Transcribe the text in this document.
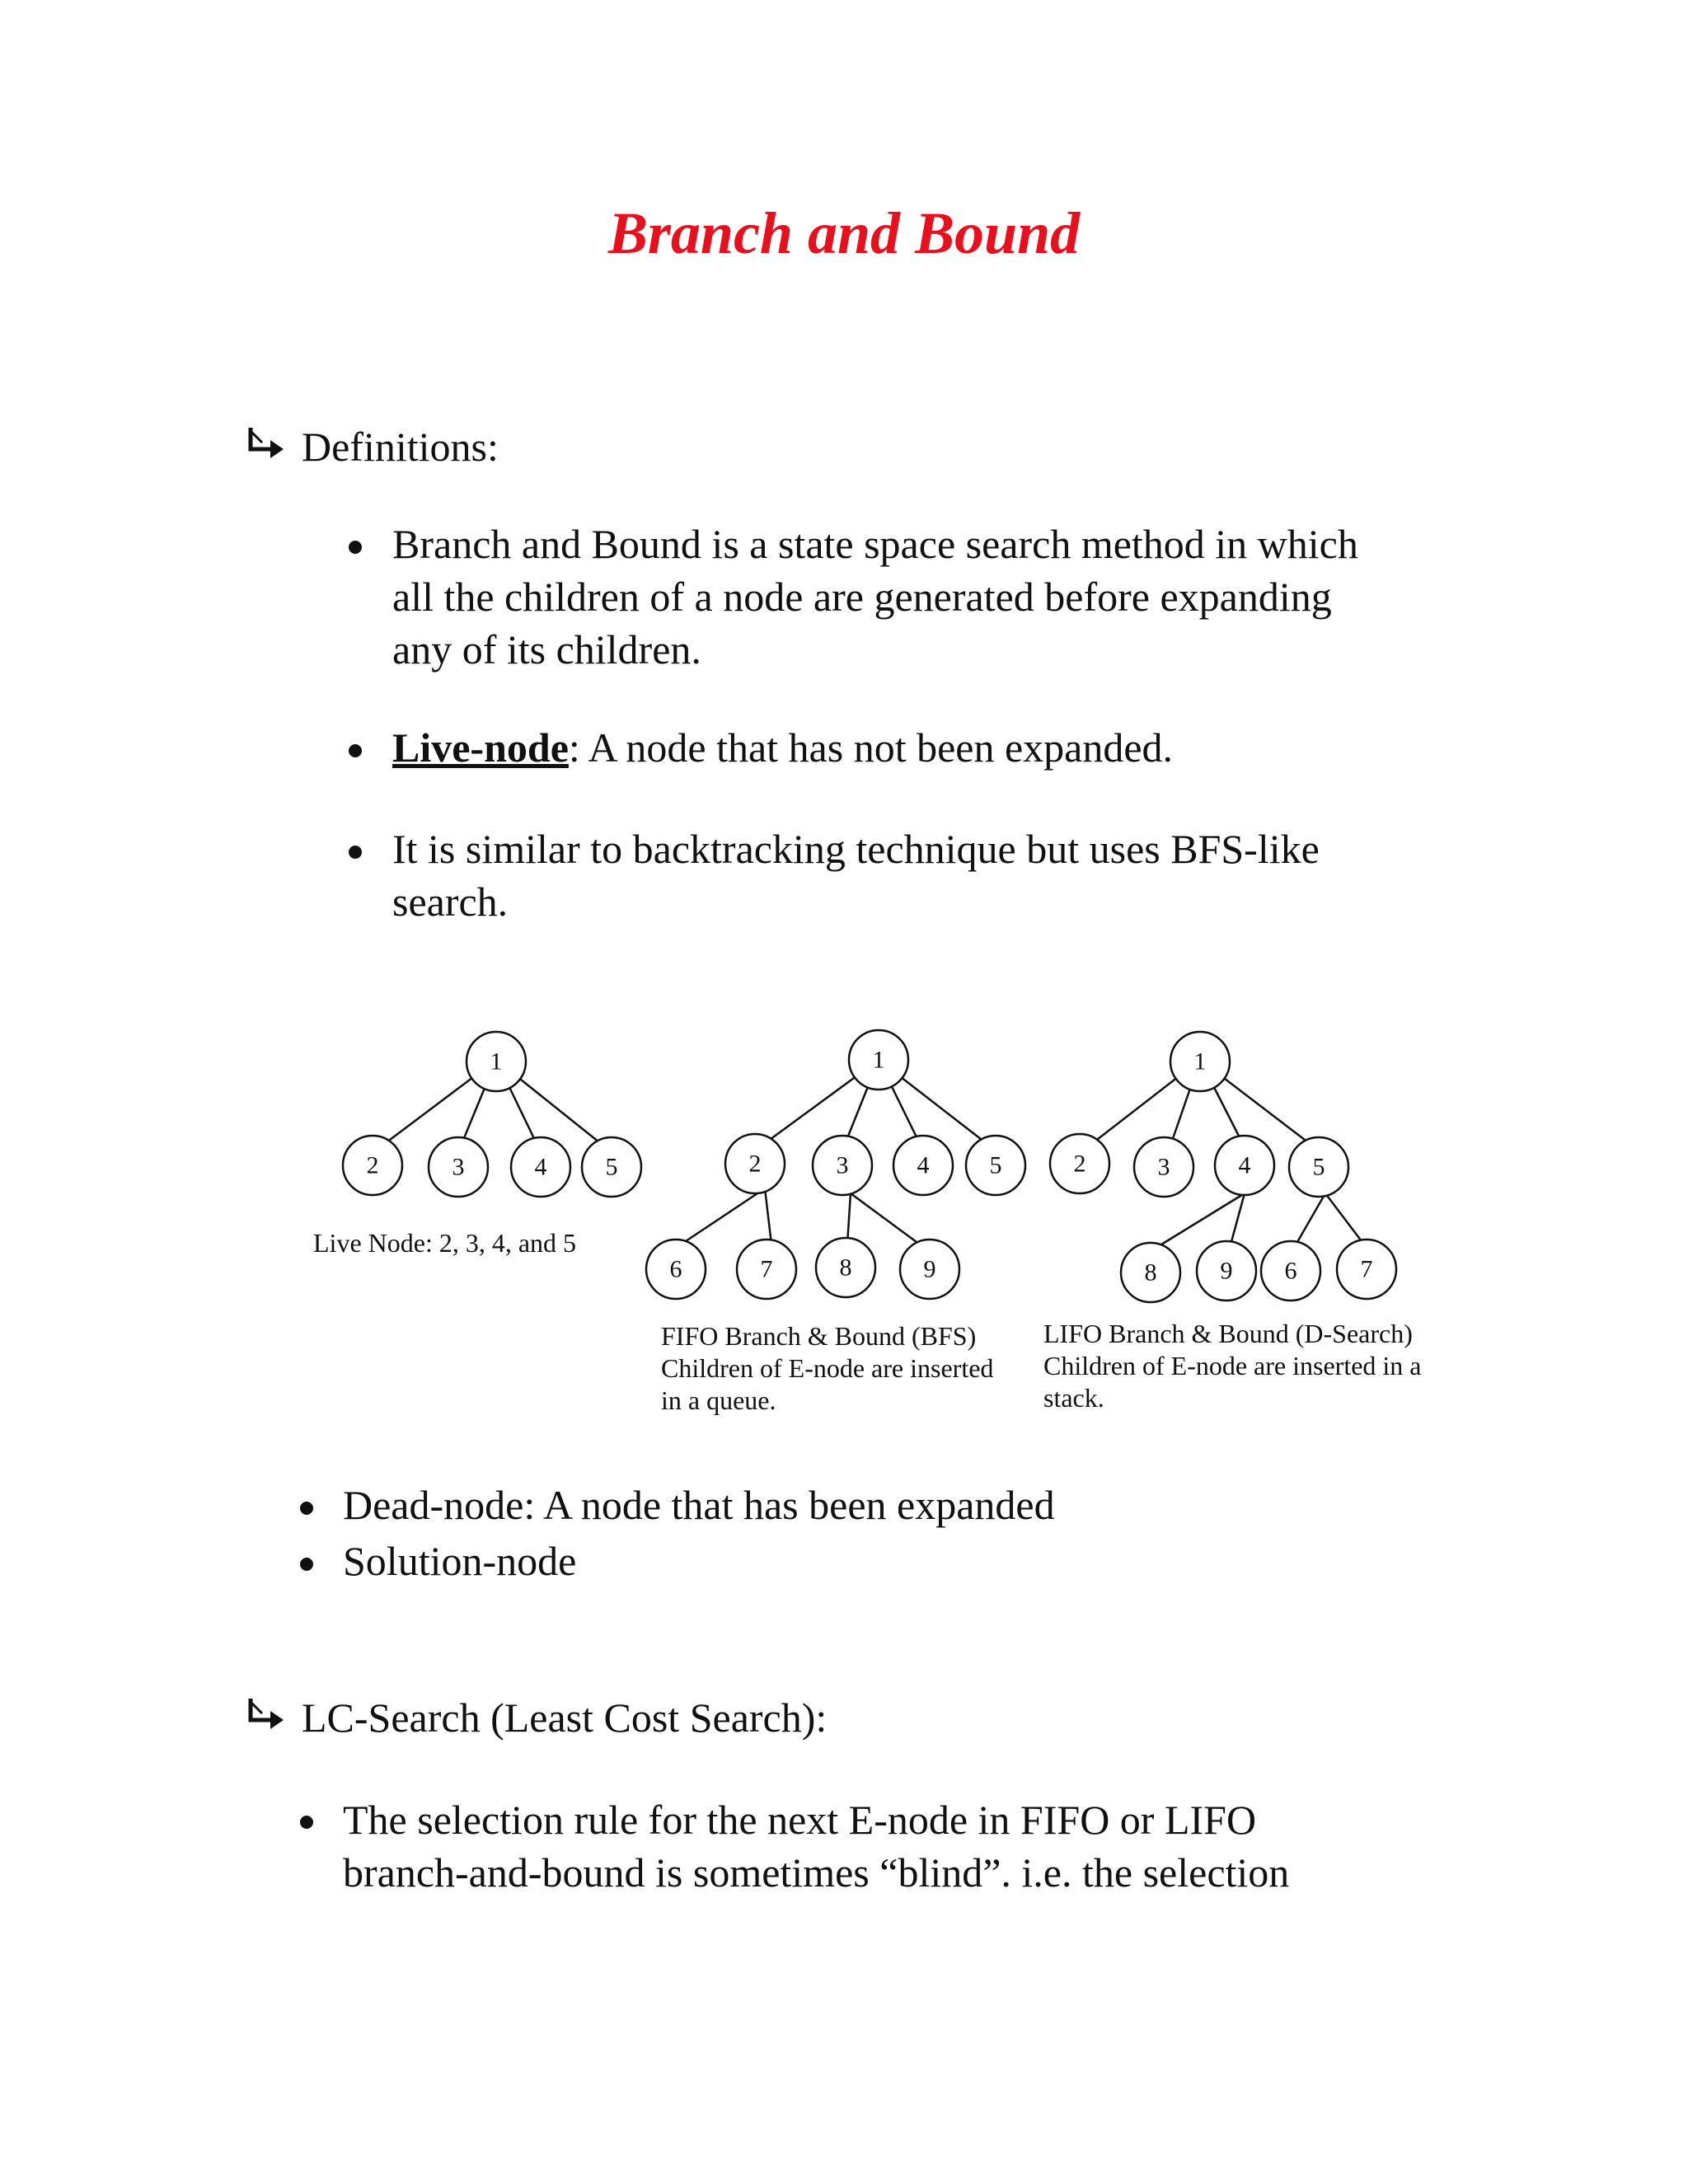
Branch and Bound
Definitions:
Branch and Bound is a state space search method in which
all the children of a node are generated before expanding
any of its children.
Live-node: A node that has not been expanded.
It is similar to backtracking technique but uses BFS-like
search.
1
2	3	4 5
1
2	3	4 5
6	7	8	9
1
2	3	4	5
8	9 6	7
Live Node: 2, 3, 4, and 5
FIFO Branch & Bound (BFS)
Children of E-node are inserted
in a queue.
LIFO Branch & Bound (D-Search)
Children of E-node are inserted in a
stack.
Dead-node: A node that has been expanded
Solution-node
LC-Search (Least Cost Search):
The selection rule for the next E-node in FIFO or LIFO
branch-and-bound is sometimes “blind”. i.e. the selection
